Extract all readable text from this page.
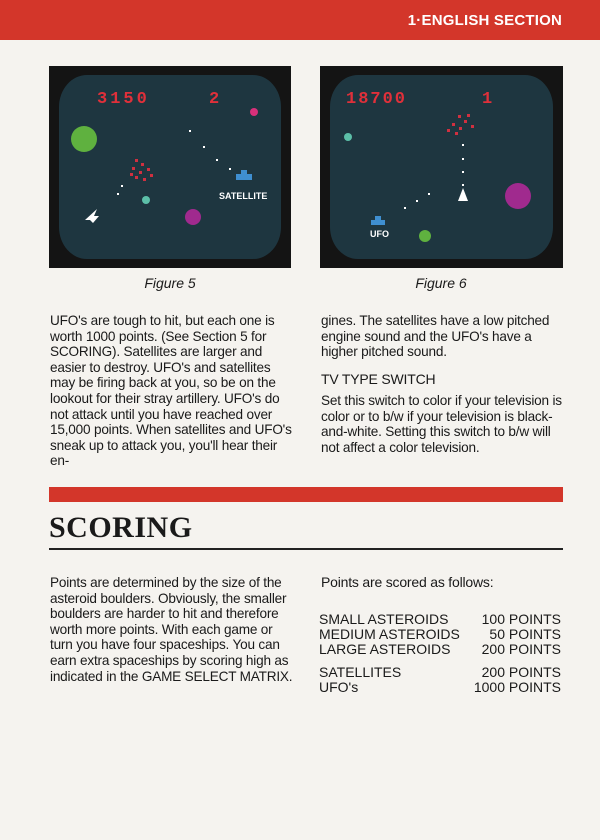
1·ENGLISH SECTION
3150	2
SATELLITE
18700	1
UFO
Figure 5	Figure 6

UFO's are tough to hit, but each one is worth 1000 points. (See Section 5 for SCORING). Satellites are larger and easier to destroy. UFO's and satellites may be firing back at you, so be on the lookout for their stray artillery. UFO's do not attack until you have reached over 15,000 points. When satellites and UFO's sneak up to attack you, you'll hear their en-

gines. The satellites have a low pitched engine sound and the UFO's have a higher pitched sound.

TV TYPE SWITCH

Set this switch to color if your television is color or to b/w if your television is black-and-white. Setting this switch to b/w will not affect a color television.

SCORING

Points are determined by the size of the asteroid boulders. Obviously, the smaller boulders are harder to hit and therefore worth more points. With each game or turn you have four spaceships. You can earn extra spaceships by scoring high as indicated in the GAME SELECT MATRIX.

Points are scored as follows:
SMALL ASTEROIDS 100 POINTS
MEDIUM ASTEROIDS 50 POINTS
LARGE ASTEROIDS 200 POINTS
SATELLITES	200 POINTS
UFO's	1000 POINTS
